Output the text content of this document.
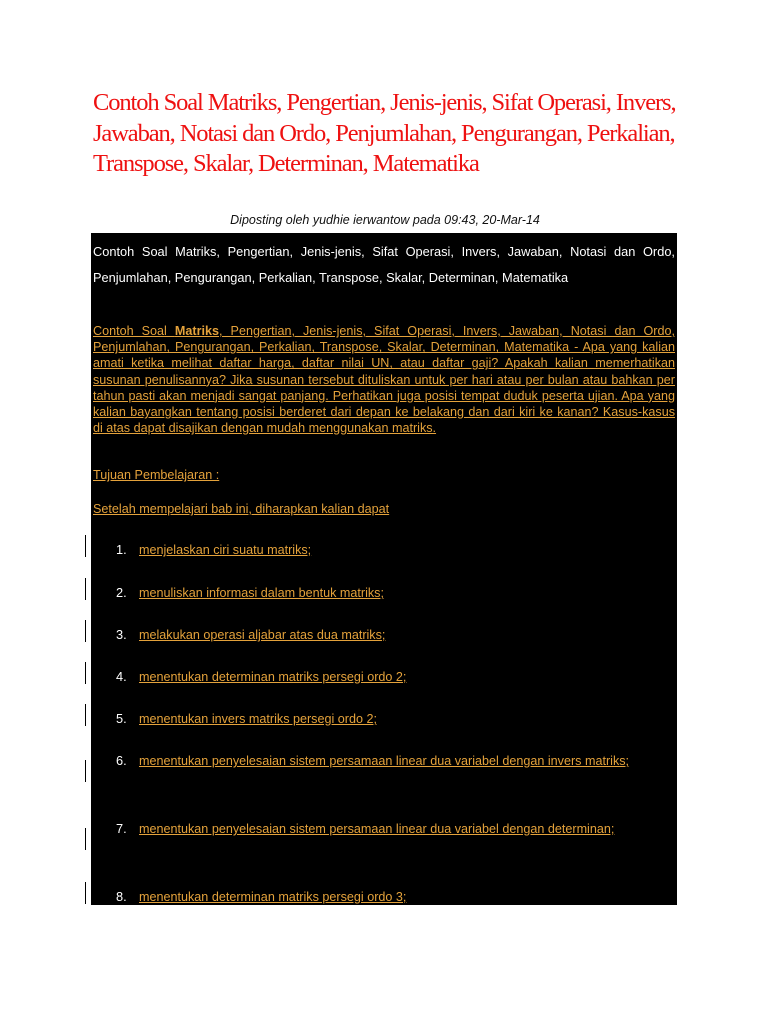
Contoh Soal Matriks, Pengertian, Jenis-jenis, Sifat Operasi, Invers, Jawaban, Notasi dan Ordo, Penjumlahan, Pengurangan, Perkalian, Transpose, Skalar, Determinan, Matematika
Diposting oleh yudhie ierwantow pada 09:43, 20-Mar-14

Contoh Soal Matriks, Pengertian, Jenis-jenis, Sifat Operasi, Invers, Jawaban, Notasi dan Ordo, Penjumlahan, Pengurangan, Perkalian, Transpose, Skalar, Determinan, Matematika

Contoh Soal Matriks, Pengertian, Jenis-jenis, Sifat Operasi, Invers, Jawaban, Notasi dan Ordo, Penjumlahan, Pengurangan, Perkalian, Transpose, Skalar, Determinan, Matematika - Apa yang kalian amati ketika melihat daftar harga, daftar nilai UN, atau daftar gaji? Apakah kalian memerhatikan susunan penulisannya? Jika susunan tersebut dituliskan untuk per hari atau per bulan atau bahkan per tahun pasti akan menjadi sangat panjang. Perhatikan juga posisi tempat duduk peserta ujian. Apa yang kalian bayangkan tentang posisi berderet dari depan ke belakang dan dari kiri ke kanan? Kasus-kasus di atas dapat disajikan dengan mudah menggunakan matriks.

Tujuan Pembelajaran :

Setelah mempelajari bab ini, diharapkan kalian dapat

1. menjelaskan ciri suatu matriks;
2. menuliskan informasi dalam bentuk matriks;
3. melakukan operasi aljabar atas dua matriks;
4. menentukan determinan matriks persegi ordo 2;
5. menentukan invers matriks persegi ordo 2;
6. menentukan penyelesaian sistem persamaan linear dua variabel dengan invers matriks;
7. menentukan penyelesaian sistem persamaan linear dua variabel dengan determinan;
8. menentukan determinan matriks persegi ordo 3;
